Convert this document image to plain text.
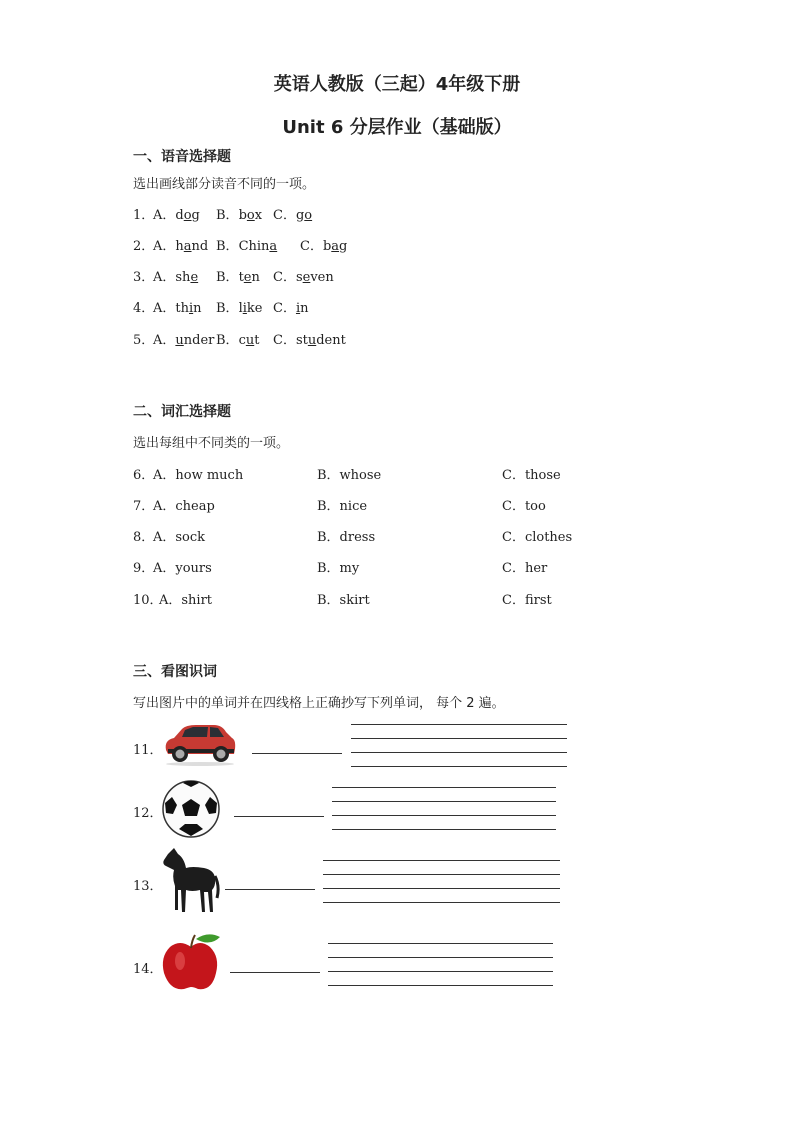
英语人教版（三起）4年级下册
Unit 6 分层作业（基础版）
一、语音选择题
选出画线部分读音不同的一项。
1．
A．dog B．box C．go
2．
A．hand B．China C．bag
3．
A．she B．ten C．seven
4．
A．thin B．like C．in
5．
A．under B．cut C．student
二、词汇选择题
选出每组中不同类的一项。
6．
A．how much	B．whose	C．those
7．
A．cheap	B．nice	C．too
8．
A．sock	B．dress	C．clothes
9．
A．yours	B．my	C．her
10．
A．shirt	B．skirt	C．first
三、看图识词
写出图片中的单词并在四线格上正确抄写下列单词， 每个 2 遍。
11．
12．
13．
14．
